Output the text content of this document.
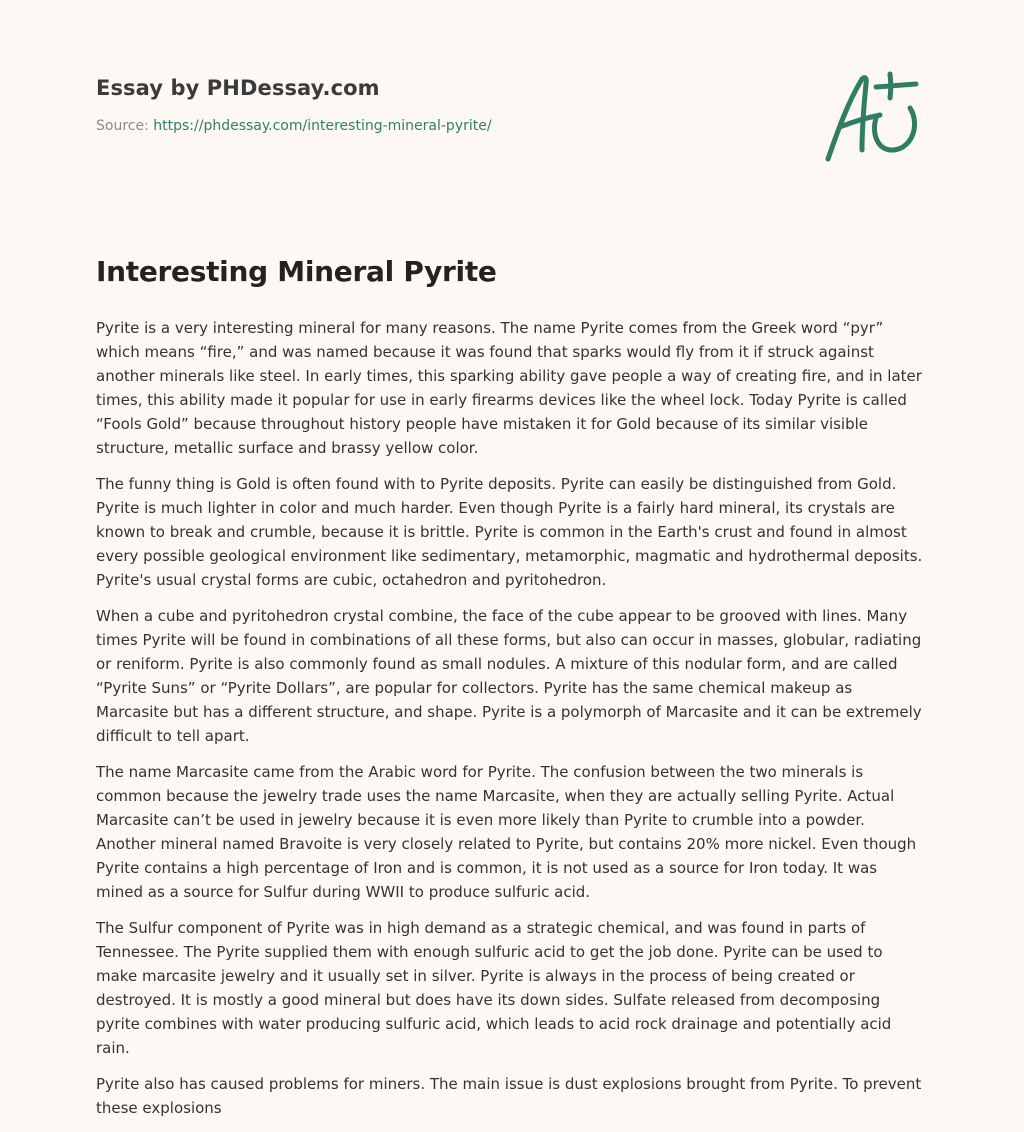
Essay by PHDessay.com
Source: https://phdessay.com/interesting-mineral-pyrite/
Interesting Mineral Pyrite

Pyrite is a very interesting mineral for many reasons. The name Pyrite comes from the Greek word “pyr” which means “fire,” and was named because it was found that sparks would fly from it if struck against another minerals like steel. In early times, this sparking ability gave people a way of creating fire, and in later times, this ability made it popular for use in early firearms devices like the wheel lock. Today Pyrite is called “Fools Gold” because throughout history people have mistaken it for Gold because of its similar visible structure, metallic surface and brassy yellow color.

The funny thing is Gold is often found with to Pyrite deposits. Pyrite can easily be distinguished from Gold. Pyrite is much lighter in color and much harder. Even though Pyrite is a fairly hard mineral, its crystals are known to break and crumble, because it is brittle. Pyrite is common in the Earth's crust and found in almost every possible geological environment like sedimentary, metamorphic, magmatic and hydrothermal deposits. Pyrite's usual crystal forms are cubic, octahedron and pyritohedron.

When a cube and pyritohedron crystal combine, the face of the cube appear to be grooved with lines. Many times Pyrite will be found in combinations of all these forms, but also can occur in masses, globular, radiating or reniform. Pyrite is also commonly found as small nodules. A mixture of this nodular form, and are called “Pyrite Suns” or “Pyrite Dollars”, are popular for collectors. Pyrite has the same chemical makeup as Marcasite but has a different structure, and shape. Pyrite is a polymorph of Marcasite and it can be extremely difficult to tell apart.

The name Marcasite came from the Arabic word for Pyrite. The confusion between the two minerals is common because the jewelry trade uses the name Marcasite, when they are actually selling Pyrite. Actual Marcasite can’t be used in jewelry because it is even more likely than Pyrite to crumble into a powder. Another mineral named Bravoite is very closely related to Pyrite, but contains 20% more nickel. Even though Pyrite contains a high percentage of Iron and is common, it is not used as a source for Iron today. It was mined as a source for Sulfur during WWII to produce sulfuric acid.

The Sulfur component of Pyrite was in high demand as a strategic chemical, and was found in parts of Tennessee. The Pyrite supplied them with enough sulfuric acid to get the job done. Pyrite can be used to make marcasite jewelry and it usually set in silver. Pyrite is always in the process of being created or destroyed. It is mostly a good mineral but does have its down sides. Sulfate released from decomposing pyrite combines with water producing sulfuric acid, which leads to acid rock drainage and potentially acid rain.

Pyrite also has caused problems for miners. The main issue is dust explosions brought from Pyrite. To prevent these explosions
